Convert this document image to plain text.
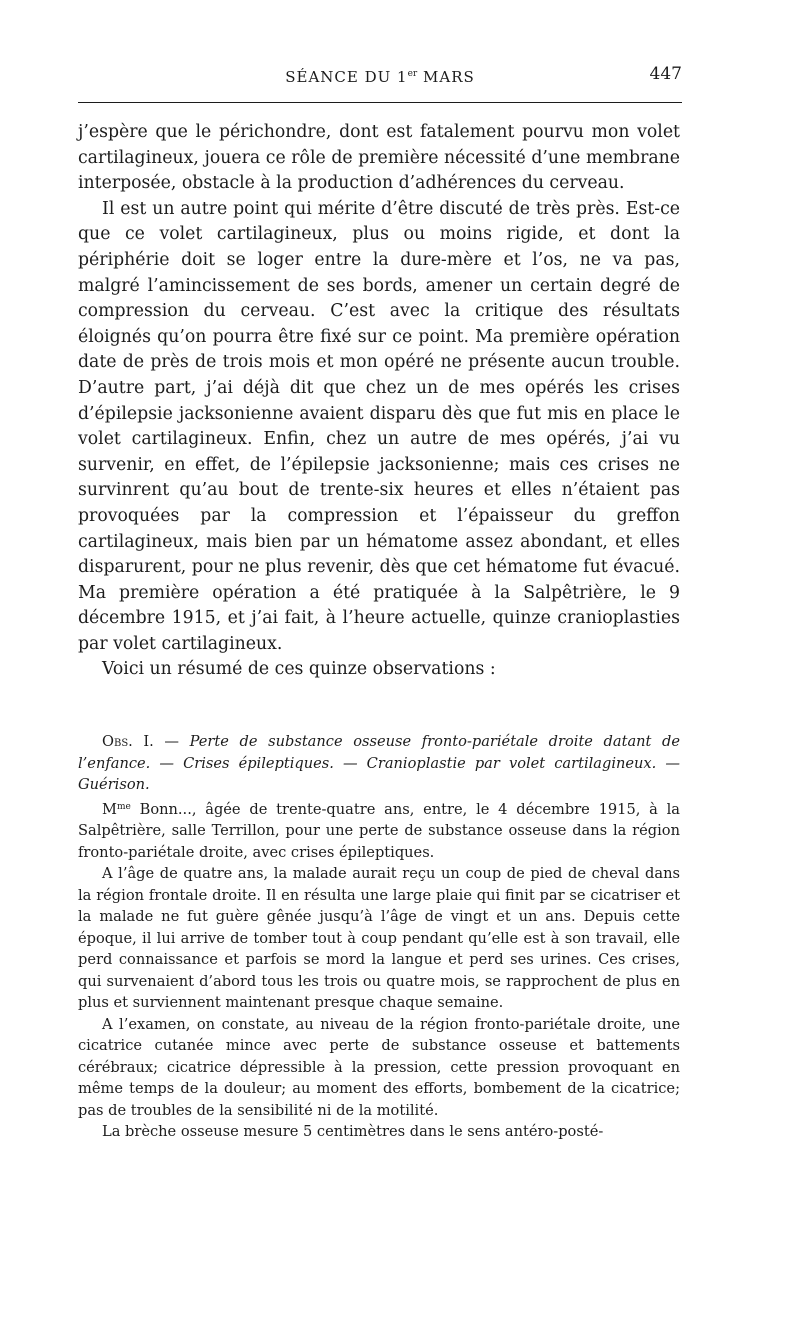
SÉANCE DU 1er MARS	447

j’espère que le périchondre, dont est fatalement pourvu mon volet cartilagineux, jouera ce rôle de première nécessité d’une membrane interposée, obstacle à la production d’adhérences du cerveau.

Il est un autre point qui mérite d’être discuté de très près. Est-ce que ce volet cartilagineux, plus ou moins rigide, et dont la périphérie doit se loger entre la dure-mère et l’os, ne va pas, malgré l’amincissement de ses bords, amener un certain degré de compression du cerveau. C’est avec la critique des résultats éloignés qu’on pourra être fixé sur ce point. Ma première opération date de près de trois mois et mon opéré ne présente aucun trouble. D’autre part, j’ai déjà dit que chez un de mes opérés les crises d’épilepsie jacksonienne avaient disparu dès que fut mis en place le volet cartilagineux. Enfin, chez un autre de mes opérés, j’ai vu survenir, en effet, de l’épilepsie jacksonienne; mais ces crises ne survinrent qu’au bout de trente-six heures et elles n’étaient pas provoquées par la compression et l’épaisseur du greffon cartilagineux, mais bien par un hématome assez abondant, et elles disparurent, pour ne plus revenir, dès que cet hématome fut évacué. Ma première opération a été pratiquée à la Salpêtrière, le 9 décembre 1915, et j’ai fait, à l’heure actuelle, quinze cranioplasties par volet cartilagineux.

Voici un résumé de ces quinze observations :

Obs. I. — Perte de substance osseuse fronto-pariétale droite datant de l’enfance. — Crises épileptiques. — Cranioplastie par volet cartilagineux. — Guérison.

$M^{me}$ Bonn..., âgée de trente-quatre ans, entre, le 4 décembre 1915, à la Salpêtrière, salle Terrillon, pour une perte de substance osseuse dans la région fronto-pariétale droite, avec crises épileptiques.

A l’âge de quatre ans, la malade aurait reçu un coup de pied de cheval dans la région frontale droite. Il en résulta une large plaie qui finit par se cicatriser et la malade ne fut guère gênée jusqu’à l’âge de vingt et un ans. Depuis cette époque, il lui arrive de tomber tout à coup pendant qu’elle est à son travail, elle perd connaissance et parfois se mord la langue et perd ses urines. Ces crises, qui survenaient d’abord tous les trois ou quatre mois, se rapprochent de plus en plus et surviennent maintenant presque chaque semaine.

A l’examen, on constate, au niveau de la région fronto-pariétale droite, une cicatrice cutanée mince avec perte de substance osseuse et battements cérébraux; cicatrice dépressible à la pression, cette pression provoquant en même temps de la douleur; au moment des efforts, bombement de la cicatrice; pas de troubles de la sensibilité ni de la motilité.

La brèche osseuse mesure 5 centimètres dans le sens antéro-posté-
